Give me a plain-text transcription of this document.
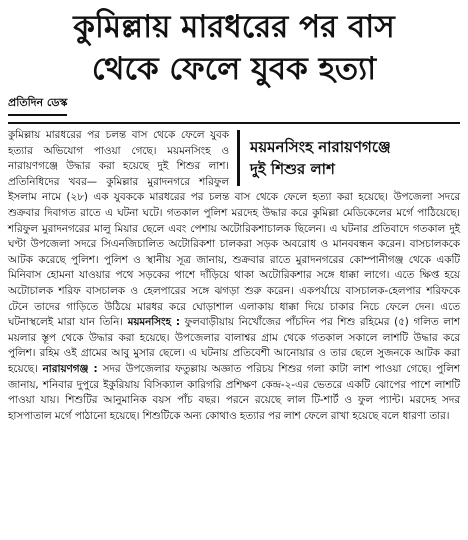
কুমিল্লায় মারধরের পর বাস
থেকে ফেলে যুবক হত্যা
প্রতিদিন ডেস্ক
ময়মনসিংহ নারায়ণগঞ্জে
দুই শিশুর লাশ

কুমিল্লায় মারধরের পর চলন্ত বাস থেকে ফেলে যুবক হত্যার অভিযোগ পাওয়া গেছে। ময়মনসিংহ ও নারায়ণগঞ্জে উদ্ধার করা হয়েছে দুই শিশুর লাশ। প্রতিনিধিদের খবর— কুমিল্লার মুরাদনগরে শরিফুল ইসলাম নামে (২৮) এক যুবককে মারধরের পর চলন্ত বাস থেকে ফেলে হত্যা করা হয়েছে। উপজেলা সদরে শুক্রবার দিবাগত রাতে এ ঘটনা ঘটে। গতকাল পুলিশ মরদেহ উদ্ধার করে কুমিল্লা মেডিকেলের মর্গে পাঠিয়েছে। শরিফুল মুরাদনগরের মালু মিয়ার ছেলে এবং পেশায় অটোরিকশাচালক ছিলেন। এ ঘটনার প্রতিবাদে গতকাল দুই ঘণ্টা উপজেলা সদরে সিএনজিচালিত অটোরিকশা চালকরা সড়ক অবরোধ ও মানববন্ধন করেন। বাসচালককে আটক করেছে পুলিশ। পুলিশ ও স্থানীয় সূত্র জানায়, শুক্রবার রাতে মুরাদনগরের কোম্পানীগঞ্জ থেকে একটি মিনিবাস হোমনা যাওয়ার পথে সড়কের পাশে দাঁড়িয়ে থাকা অটোরিকশার সঙ্গে ধাক্কা লাগে। এতে ক্ষিপ্ত হয়ে অটোচালক শরিফ বাসচালক ও হেলপারের সঙ্গে ঝগড়া শুরু করেন। একপর্যায়ে বাসচালক-হেলপার শরিফকে টেনে তাদের গাড়িতে উঠিয়ে মারধর করে ঘোড়াশাল এলাকায় ধাক্কা দিয়ে চাকার নিচে ফেলে দেন। এতে ঘটনাস্থলেই মারা যান তিনি। ময়মনসিংহ : ফুলবাড়ীয়ায় নিখোঁজের পাঁচদিন পর শিশু রহিমের (৫) গলিত লাশ ময়লার স্তূপ থেকে উদ্ধার করা হয়েছে। উপজেলার বালাশ্বর গ্রাম থেকে গতকাল সকালে লাশটি উদ্ধার করে পুলিশ। রহিম ওই গ্রামের আবু মুসার ছেলে। এ ঘটনায় প্রতিবেশী আনোয়ার ও তার ছেলে সুজনকে আটক করা হয়েছে। নারায়ণগঞ্জ : সদর উপজেলার ফতুল্লায় অজ্ঞাত পরিচয় শিশুর গলা কাটা লাশ পাওয়া গেছে। পুলিশ জানায়, শনিবার দুপুরে ইকুরিয়ায় বিসিক্যাল কারিগরি প্রশিক্ষণ কেন্দ্র-২-এর ভেতরে একটি ঝোপের পাশে লাশটি পাওয়া যায়। শিশুটির আনুমানিক বয়স পাঁচ বছর। পরনে রয়েছে লাল টি-শার্ট ও ফুল প্যান্ট। মরদেহ সদর হাসপাতাল মর্গে পাঠানো হয়েছে। শিশুটিকে অন্য কোথাও হত্যার পর লাশ ফেলে রাখা হয়েছে বলে ধারণা তার।
